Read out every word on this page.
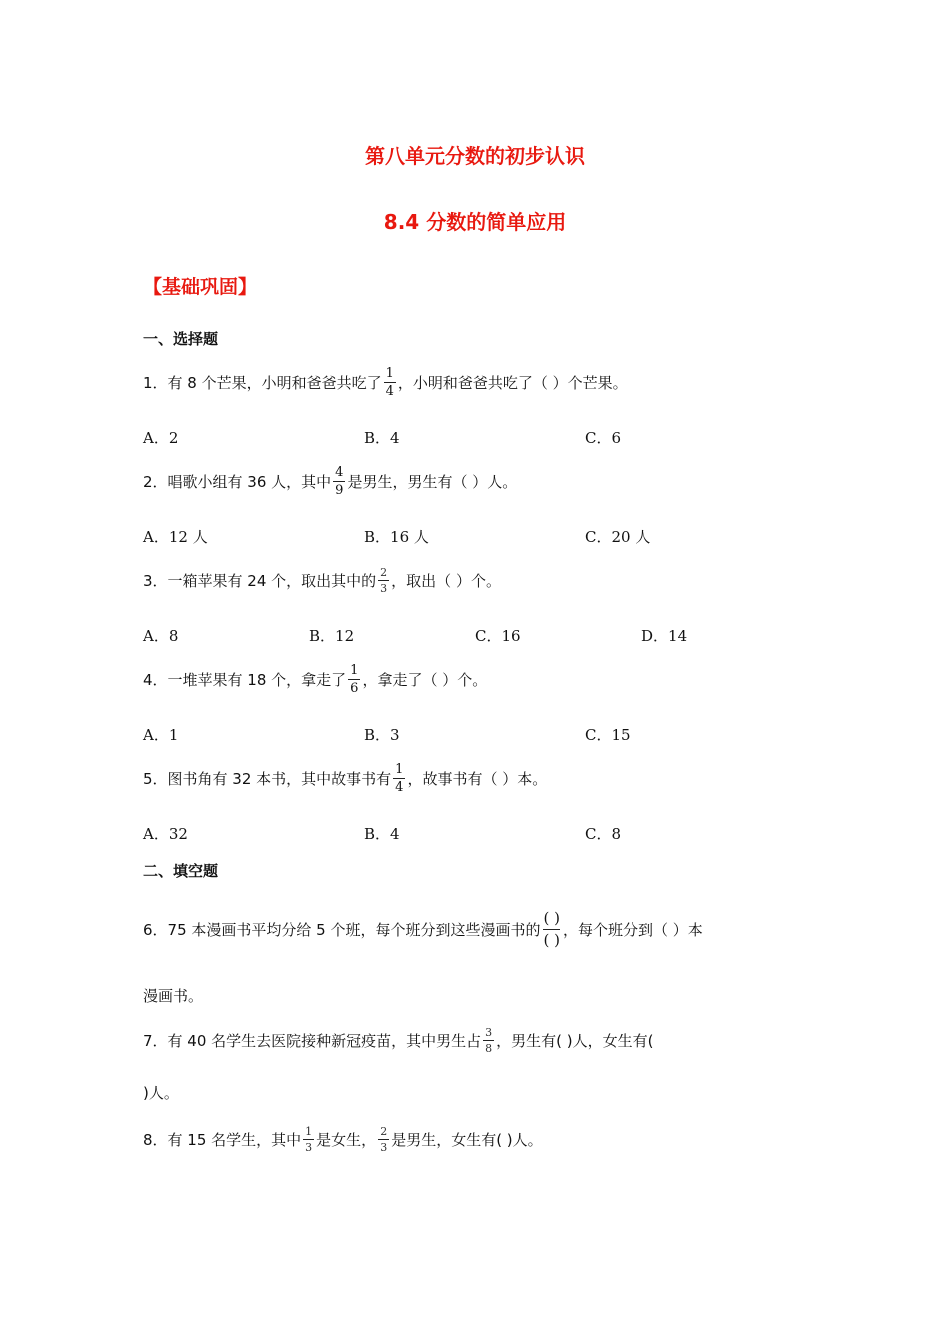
第八单元分数的初步认识
8.4 分数的简单应用
【基础巩固】
一、选择题
1．有 8 个芒果，小明和爸爸共吃了 $\frac{1}{4}$ ，小明和爸爸共吃了（ ）个芒果。
A．2	B．4	C．6
2．唱歌小组有 36 人，其中 $\frac{4}{9}$ 是男生，男生有（ ）人。
A．12 人	B．16 人	C．20 人
3．一箱苹果有 24 个，取出其中的 $\frac{2}{3}$ ，取出（ ）个。
A．8	B．12	C．16	D．14
4．一堆苹果有 18 个，拿走了 $\frac{1}{6}$ ，拿走了（ ）个。
A．1	B．3	C．15
5．图书角有 32 本书，其中故事书有 $\frac{1}{4}$ ，故事书有（ ）本。
A．32	B．4	C．8
二、填空题
6．75 本漫画书平均分给 5 个班，每个班分到这些漫画书的 $\frac{( )}{( )}$ ，每个班分到（ ）本
漫画书。
7．有 40 名学生去医院接种新冠疫苗，其中男生占 $\frac{3}{8}$ ，男生有( )人，女生有(
)人。
8．有 15 名学生，其中 $\frac{1}{3}$ 是女生， $\frac{2}{3}$ 是男生，女生有( )人。
